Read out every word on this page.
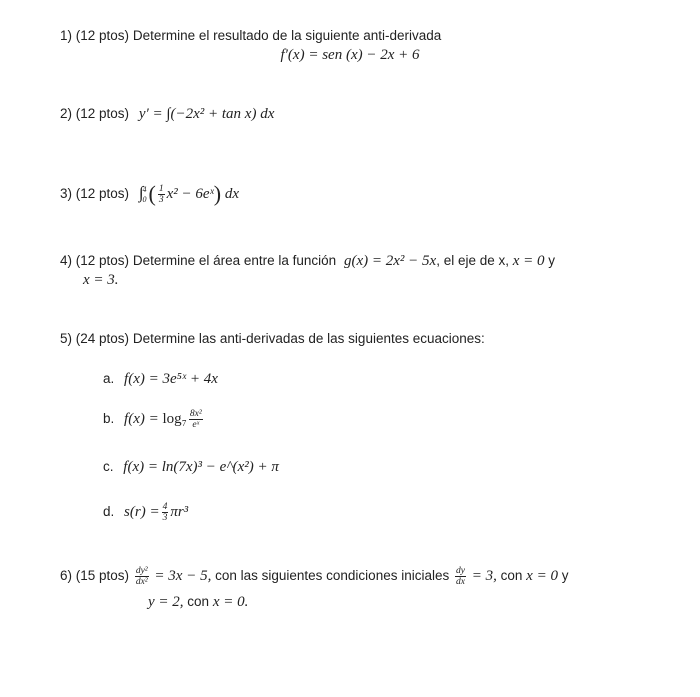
1) (12 ptos) Determine el resultado de la siguiente anti-derivada
f′(x) = sen (x) − 2x + 6
2) (12 ptos) y′ = ∫(−2x² + tan x) dx
3) (12 ptos) ∫ 4
0 ( $\frac{1}{3} x^2$ − 6eˣ) dx
4) (12 ptos) Determine el área entre la función g(x) = 2x² − 5x, el eje de x, x = 0 y
x = 3.
5) (24 ptos) Determine las anti-derivadas de las siguientes ecuaciones:
a. f(x) = 3e⁵ˣ + 4x
b. $f(x) = \log_7 \frac{\text{8x²}}{\text{eˣ}}$
c. f(x) = ln(7x)³ − e^(x²) + π
d. $s(r) = \frac{4}{3} \pi r^3$
6) (15 ptos) $\frac{\text{dy²}}{\text{dx²}} = 3x - 5$, con las siguientes condiciones iniciales $\frac{dy}{dx} = 3$, con x = 0 y
y = 2, con x = 0.
